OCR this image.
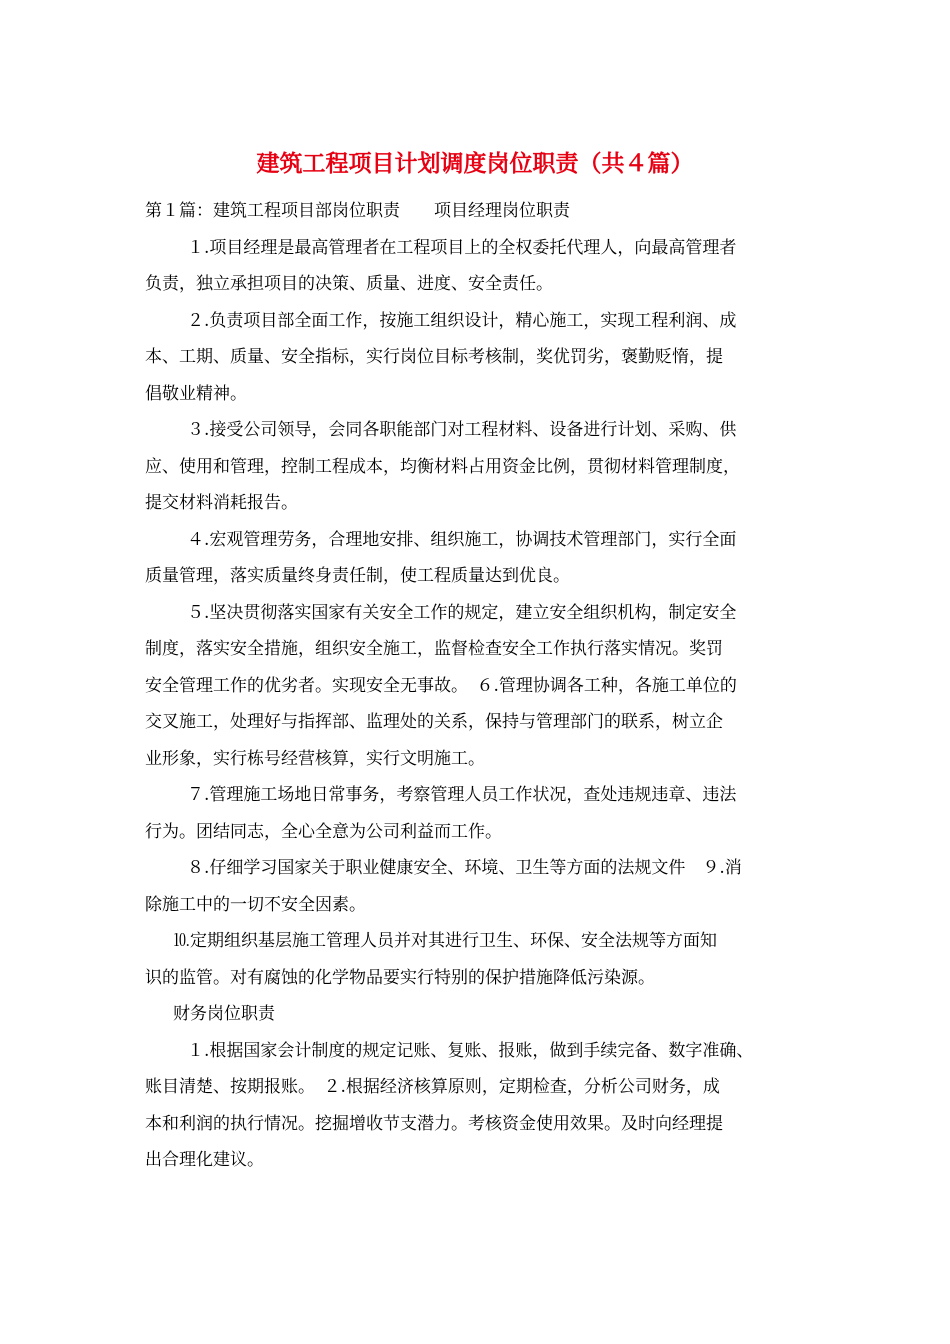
建筑工程项目计划调度岗位职责（共４篇）
第１篇：建筑工程项目部岗位职责　　项目经理岗位职责
１.项目经理是最高管理者在工程项目上的全权委托代理人，向最高管理者
负责，独立承担项目的决策、质量、进度、安全责任。
２.负责项目部全面工作，按施工组织设计，精心施工，实现工程利润、成
本、工期、质量、安全指标，实行岗位目标考核制，奖优罚劣，褒勤贬惰，提
倡敬业精神。
３.接受公司领导，会同各职能部门对工程材料、设备进行计划、采购、供
应、使用和管理，控制工程成本，均衡材料占用资金比例，贯彻材料管理制度，
提交材料消耗报告。
４.宏观管理劳务，合理地安排、组织施工，协调技术管理部门，实行全面
质量管理，落实质量终身责任制，使工程质量达到优良。
５.坚决贯彻落实国家有关安全工作的规定，建立安全组织机构，制定安全
制度，落实安全措施，组织安全施工，监督检查安全工作执行落实情况。奖罚
安全管理工作的优劣者。实现安全无事故。　６.管理协调各工种，各施工单位的
交叉施工，处理好与指挥部、监理处的关系，保持与管理部门的联系，树立企
业形象，实行栋号经营核算，实行文明施工。
７.管理施工场地日常事务，考察管理人员工作状况，查处违规违章、违法
行为。团结同志，全心全意为公司利益而工作。
８.仔细学习国家关于职业健康安全、环境、卫生等方面的法规文件　９.消
除施工中的一切不安全因素。
⒑定期组织基层施工管理人员并对其进行卫生、环保、安全法规等方面知
识的监管。对有腐蚀的化学物品要实行特别的保护措施降低污染源。
财务岗位职责
１.根据国家会计制度的规定记账、复账、报账，做到手续完备、数字准确、
账目清楚、按期报账。　２.根据经济核算原则，定期检查，分析公司财务，成
本和利润的执行情况。挖掘增收节支潜力。考核资金使用效果。及时向经理提
出合理化建议。
